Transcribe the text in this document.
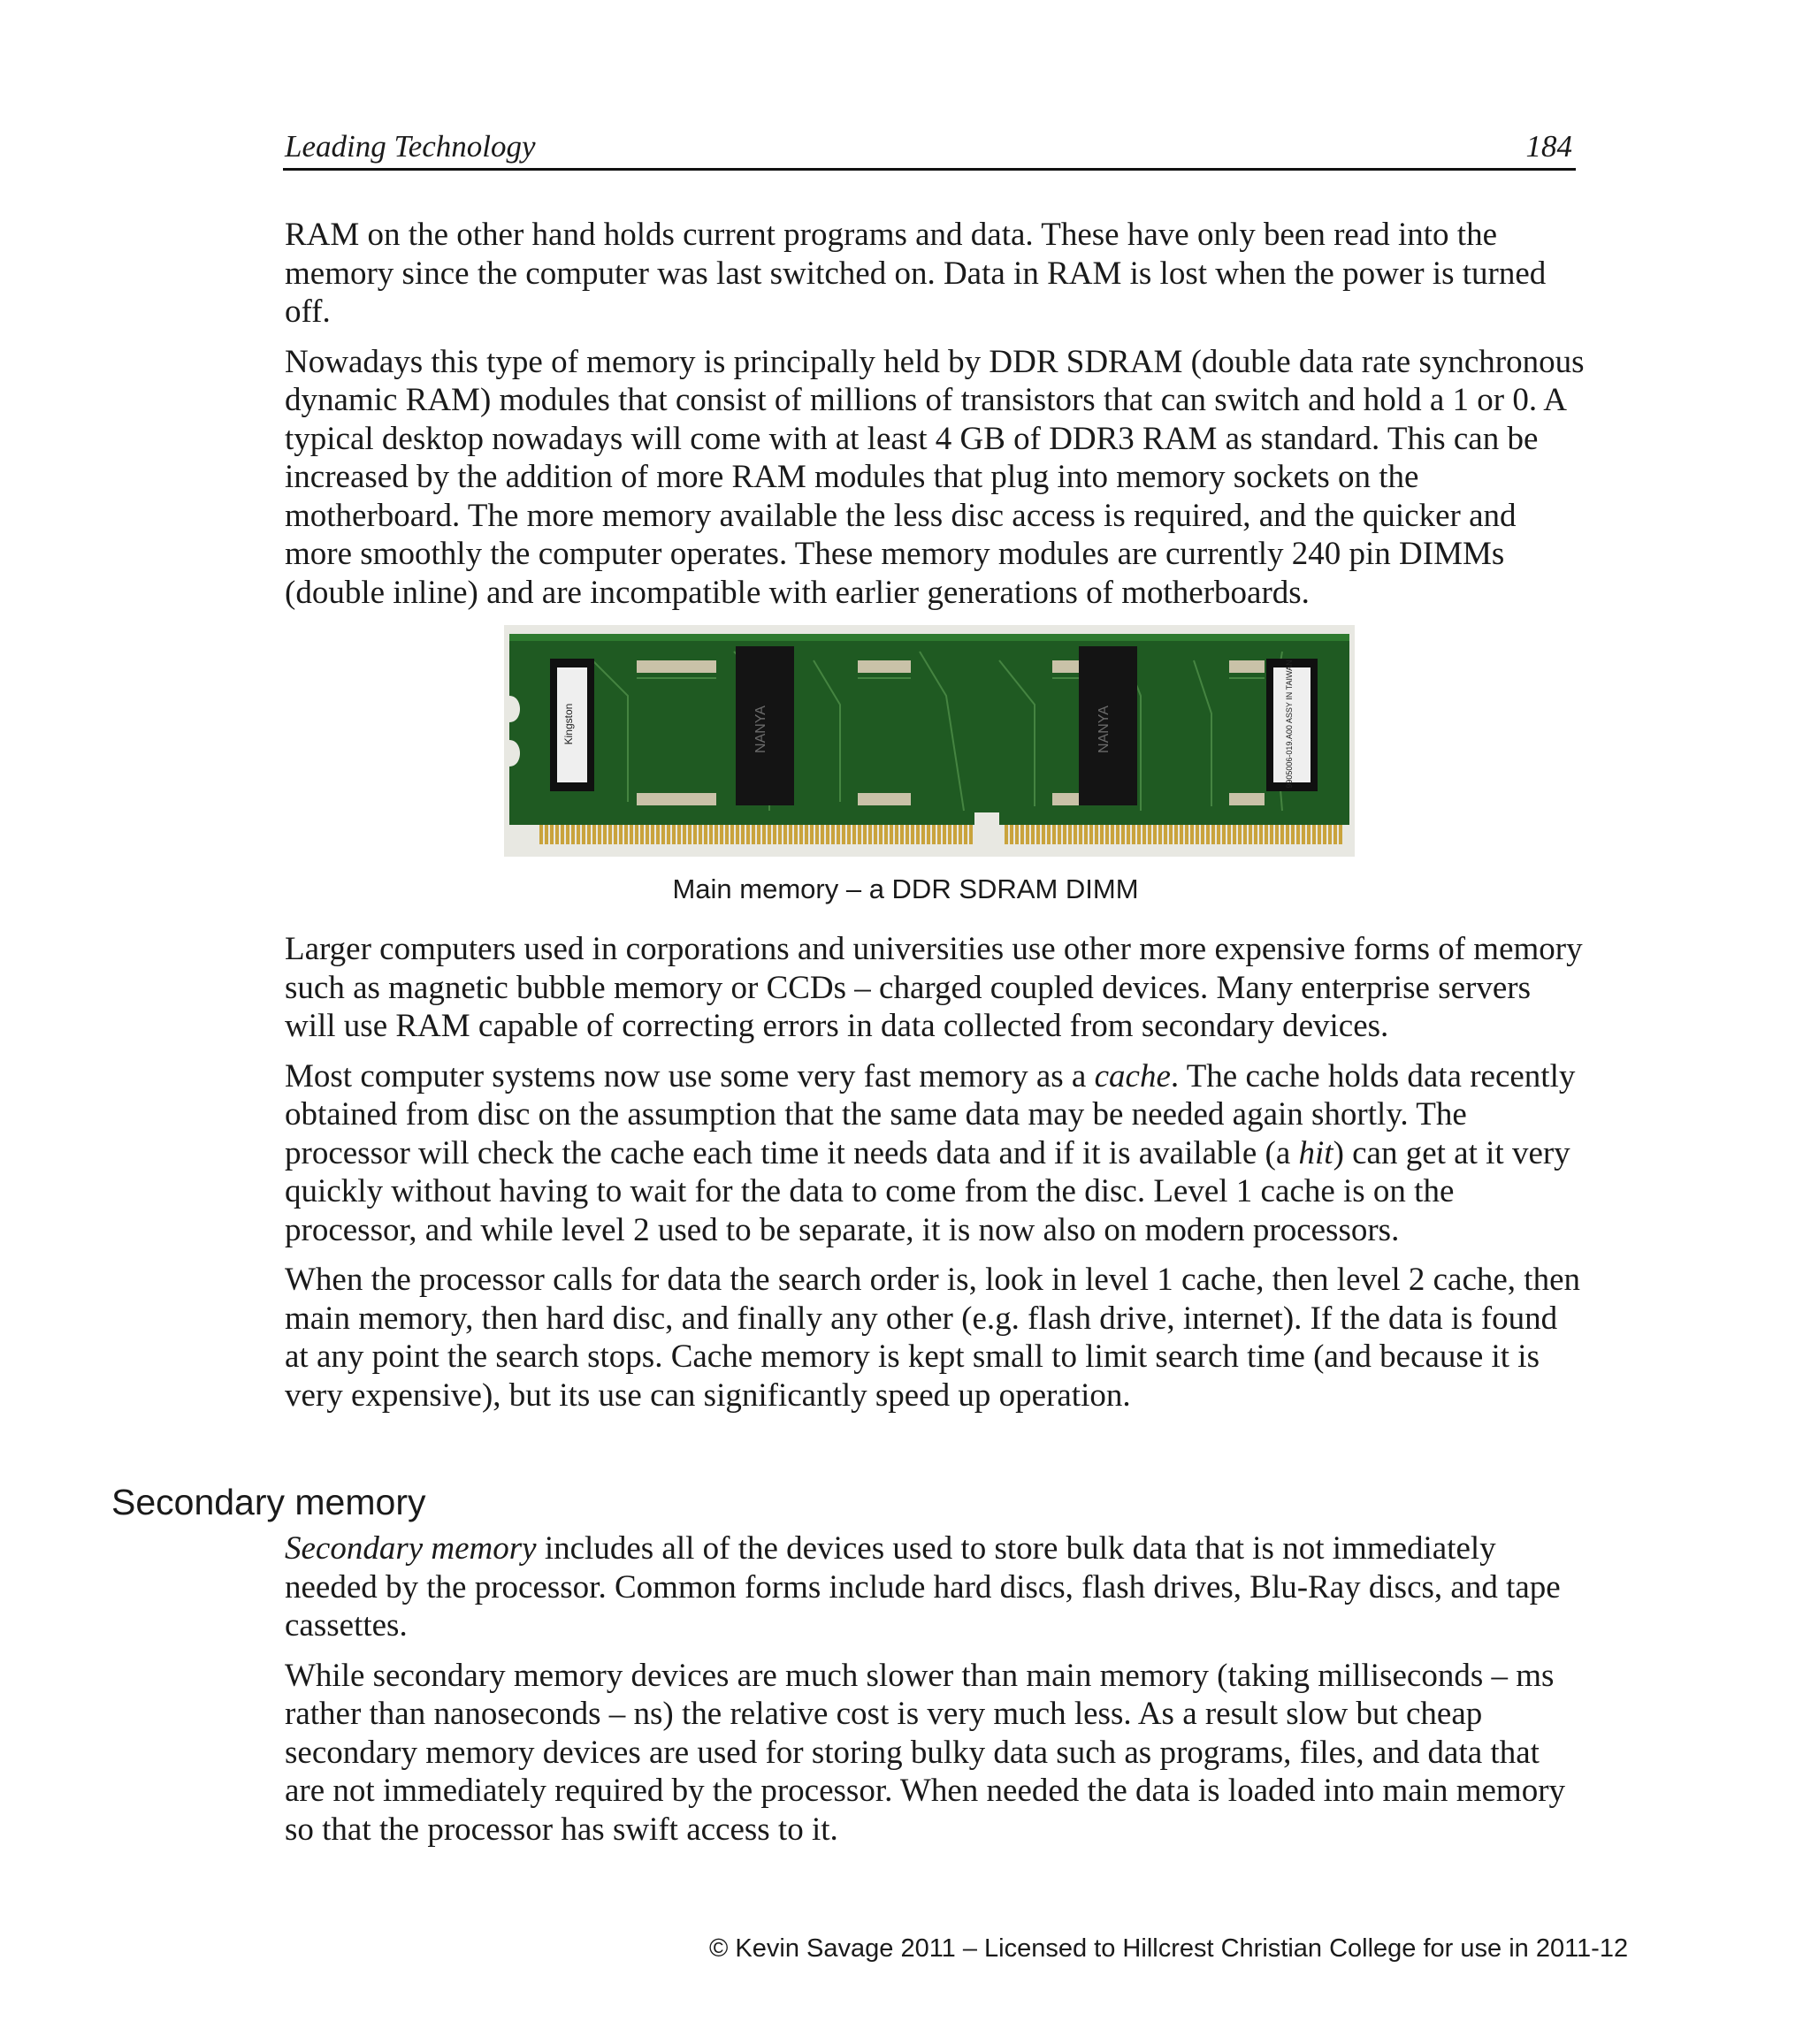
Leading Technology	184

RAM on the other hand holds current programs and data. These have only been read into the memory since the computer was last switched on. Data in RAM is lost when the power is turned off.

Nowadays this type of memory is principally held by DDR SDRAM (double data rate synchronous dynamic RAM) modules that consist of millions of transistors that can switch and hold a 1 or 0. A typical desktop nowadays will come with at least 4 GB of DDR3 RAM as standard. This can be increased by the addition of more RAM modules that plug into memory sockets on the motherboard. The more memory available the less disc access is required, and the quicker and more smoothly the computer operates. These memory modules are currently 240 pin DIMMs (double inline) and are incompatible with earlier generations of motherboards.

Kingston	NANYA	NANYA	9905006-019.A00 ASSY IN TAIWAN
Main memory – a DDR SDRAM DIMM

Larger computers used in corporations and universities use other more expensive forms of memory such as magnetic bubble memory or CCDs – charged coupled devices. Many enterprise servers will use RAM capable of correcting errors in data collected from secondary devices.

Most computer systems now use some very fast memory as a cache. The cache holds data recently obtained from disc on the assumption that the same data may be needed again shortly. The processor will check the cache each time it needs data and if it is available (a hit) can get at it very quickly without having to wait for the data to come from the disc. Level 1 cache is on the processor, and while level 2 used to be separate, it is now also on modern processors.

When the processor calls for data the search order is, look in level 1 cache, then level 2 cache, then main memory, then hard disc, and finally any other (e.g. flash drive, internet). If the data is found at any point the search stops. Cache memory is kept small to limit search time (and because it is very expensive), but its use can significantly speed up operation.

Secondary memory

Secondary memory includes all of the devices used to store bulk data that is not immediately needed by the processor. Common forms include hard discs, flash drives, Blu-Ray discs, and tape cassettes.

While secondary memory devices are much slower than main memory (taking milliseconds – ms rather than nanoseconds – ns) the relative cost is very much less. As a result slow but cheap secondary memory devices are used for storing bulky data such as programs, files, and data that are not immediately required by the processor. When needed the data is loaded into main memory so that the processor has swift access to it.

© Kevin Savage 2011 – Licensed to Hillcrest Christian College for use in 2011-12
